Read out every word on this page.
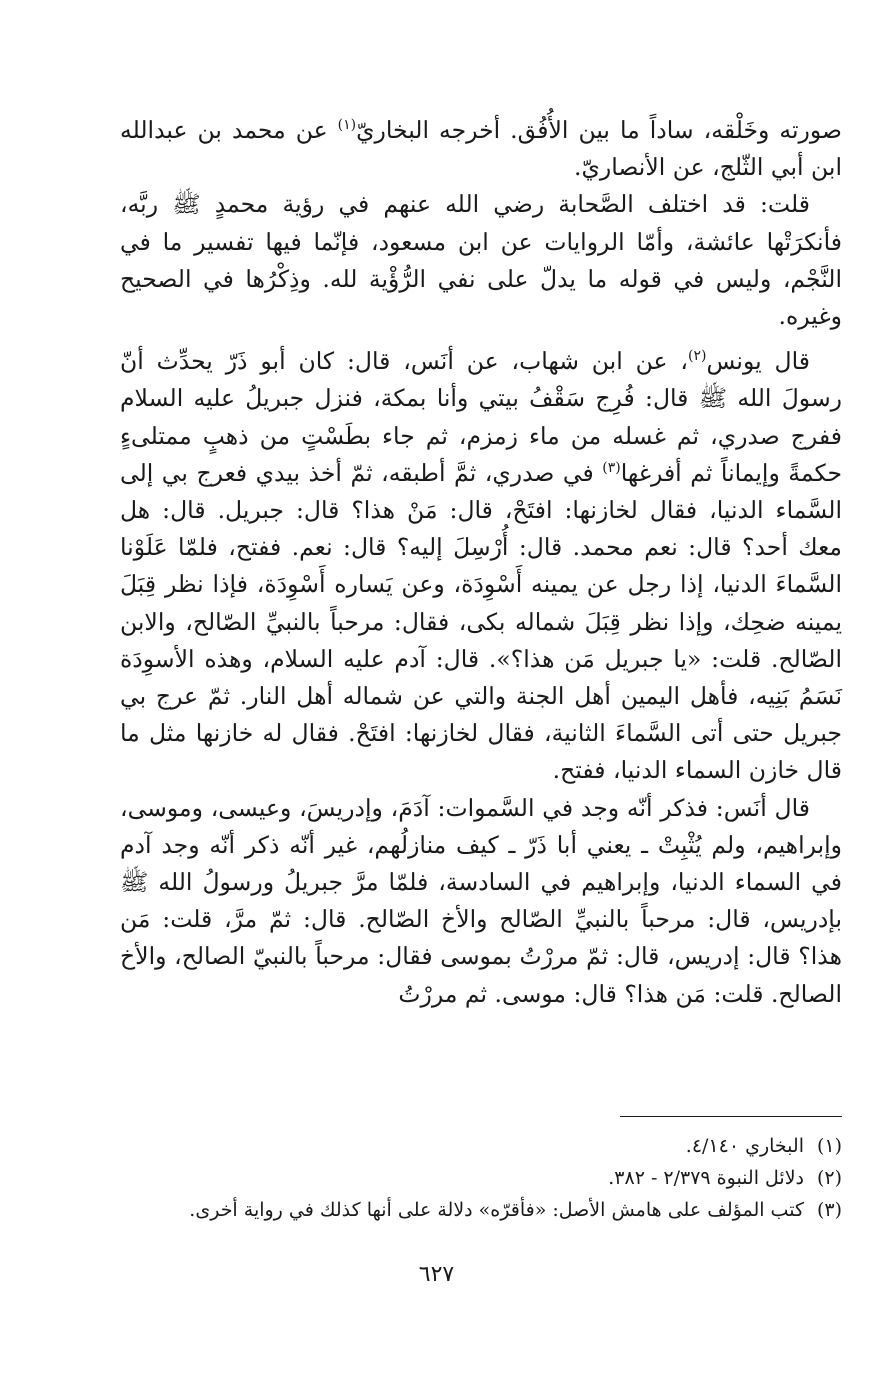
صورته وخَلْقه، ساداً ما بين الأُفُق. أخرجه البخاريّ$^{(١)}$ عن محمد بن عبدالله ابن أبي الثّلج، عن الأنصاريّ.

قلت: قد اختلف الصَّحابة رضي الله عنهم في رؤية محمدٍ ﷺ ربَّه، فأنكرَتْها عائشة، وأمّا الروايات عن ابن مسعود، فإنّما فيها تفسير ما في النَّجْم، وليس في قوله ما يدلّ على نفي الرُّؤْية لله. وذِكْرُها في الصحيح وغيره.

قال يونس$^{(٢)}$، عن ابن شهاب، عن أنَس، قال: كان أبو ذَرّ يحدِّث أنّ رسولَ الله ﷺ قال: فُرِج سَقْفُ بيتي وأنا بمكة، فنزل جبريلُ عليه السلام ففرج صدري، ثم غسله من ماء زمزم، ثم جاء بطَسْتٍ من ذهبٍ ممتلىءٍ حكمةً وإيماناً ثم أفرغها$^{(٣)}$ في صدري، ثمَّ أطبقه، ثمّ أخذ بيدي فعرج بي إلى السَّماء الدنيا، فقال لخازنها: افتَحْ، قال: مَنْ هذا؟ قال: جبريل. قال: هل معك أحد؟ قال: نعم محمد. قال: أُرْسِلَ إليه؟ قال: نعم. ففتح، فلمّا عَلَوْنا السَّماءَ الدنيا، إذا رجل عن يمينه أَسْوِدَة، وعن يَساره أَسْوِدَة، فإذا نظر قِبَلَ يمينه ضحِك، وإذا نظر قِبَلَ شماله بكى، فقال: مرحباً بالنبيِّ الصّالح، والابن الصّالح. قلت: «يا جبريل مَن هذا؟». قال: آدم عليه السلام، وهذه الأسوِدَة نَسَمُ بَنِيه، فأهل اليمين أهل الجنة والتي عن شماله أهل النار. ثمّ عرج بي جبريل حتى أتى السَّماءَ الثانية، فقال لخازنها: افتَحْ. فقال له خازنها مثل ما قال خازن السماء الدنيا، ففتح.

قال أنَس: فذكر أنّه وجد في السَّموات: آدَمَ، وإدريسَ، وعيسى، وموسى، وإبراهيم، ولم يُثْبِتْ ـ يعني أبا ذَرّ ـ كيف منازلُهم، غير أنّه ذكر أنّه وجد آدم في السماء الدنيا، وإبراهيم في السادسة، فلمّا مرَّ جبريلُ ورسولُ الله ﷺ بإدريس، قال: مرحباً بالنبيِّ الصّالح والأخ الصّالح. قال: ثمّ مرَّ، قلت: مَن هذا؟ قال: إدريس، قال: ثمّ مررْتُ بموسى فقال: مرحباً بالنبيّ الصالح، والأخ الصالح. قلت: مَن هذا؟ قال: موسى. ثم مررْتُ

(١)البخاري ٤/١٤٠.

(٢)دلائل النبوة ٢/٣٧٩ - ٣٨٢.

(٣)كتب المؤلف على هامش الأصل: «فأقرّه» دلالة على أنها كذلك في رواية أخرى.

٦٢٧
